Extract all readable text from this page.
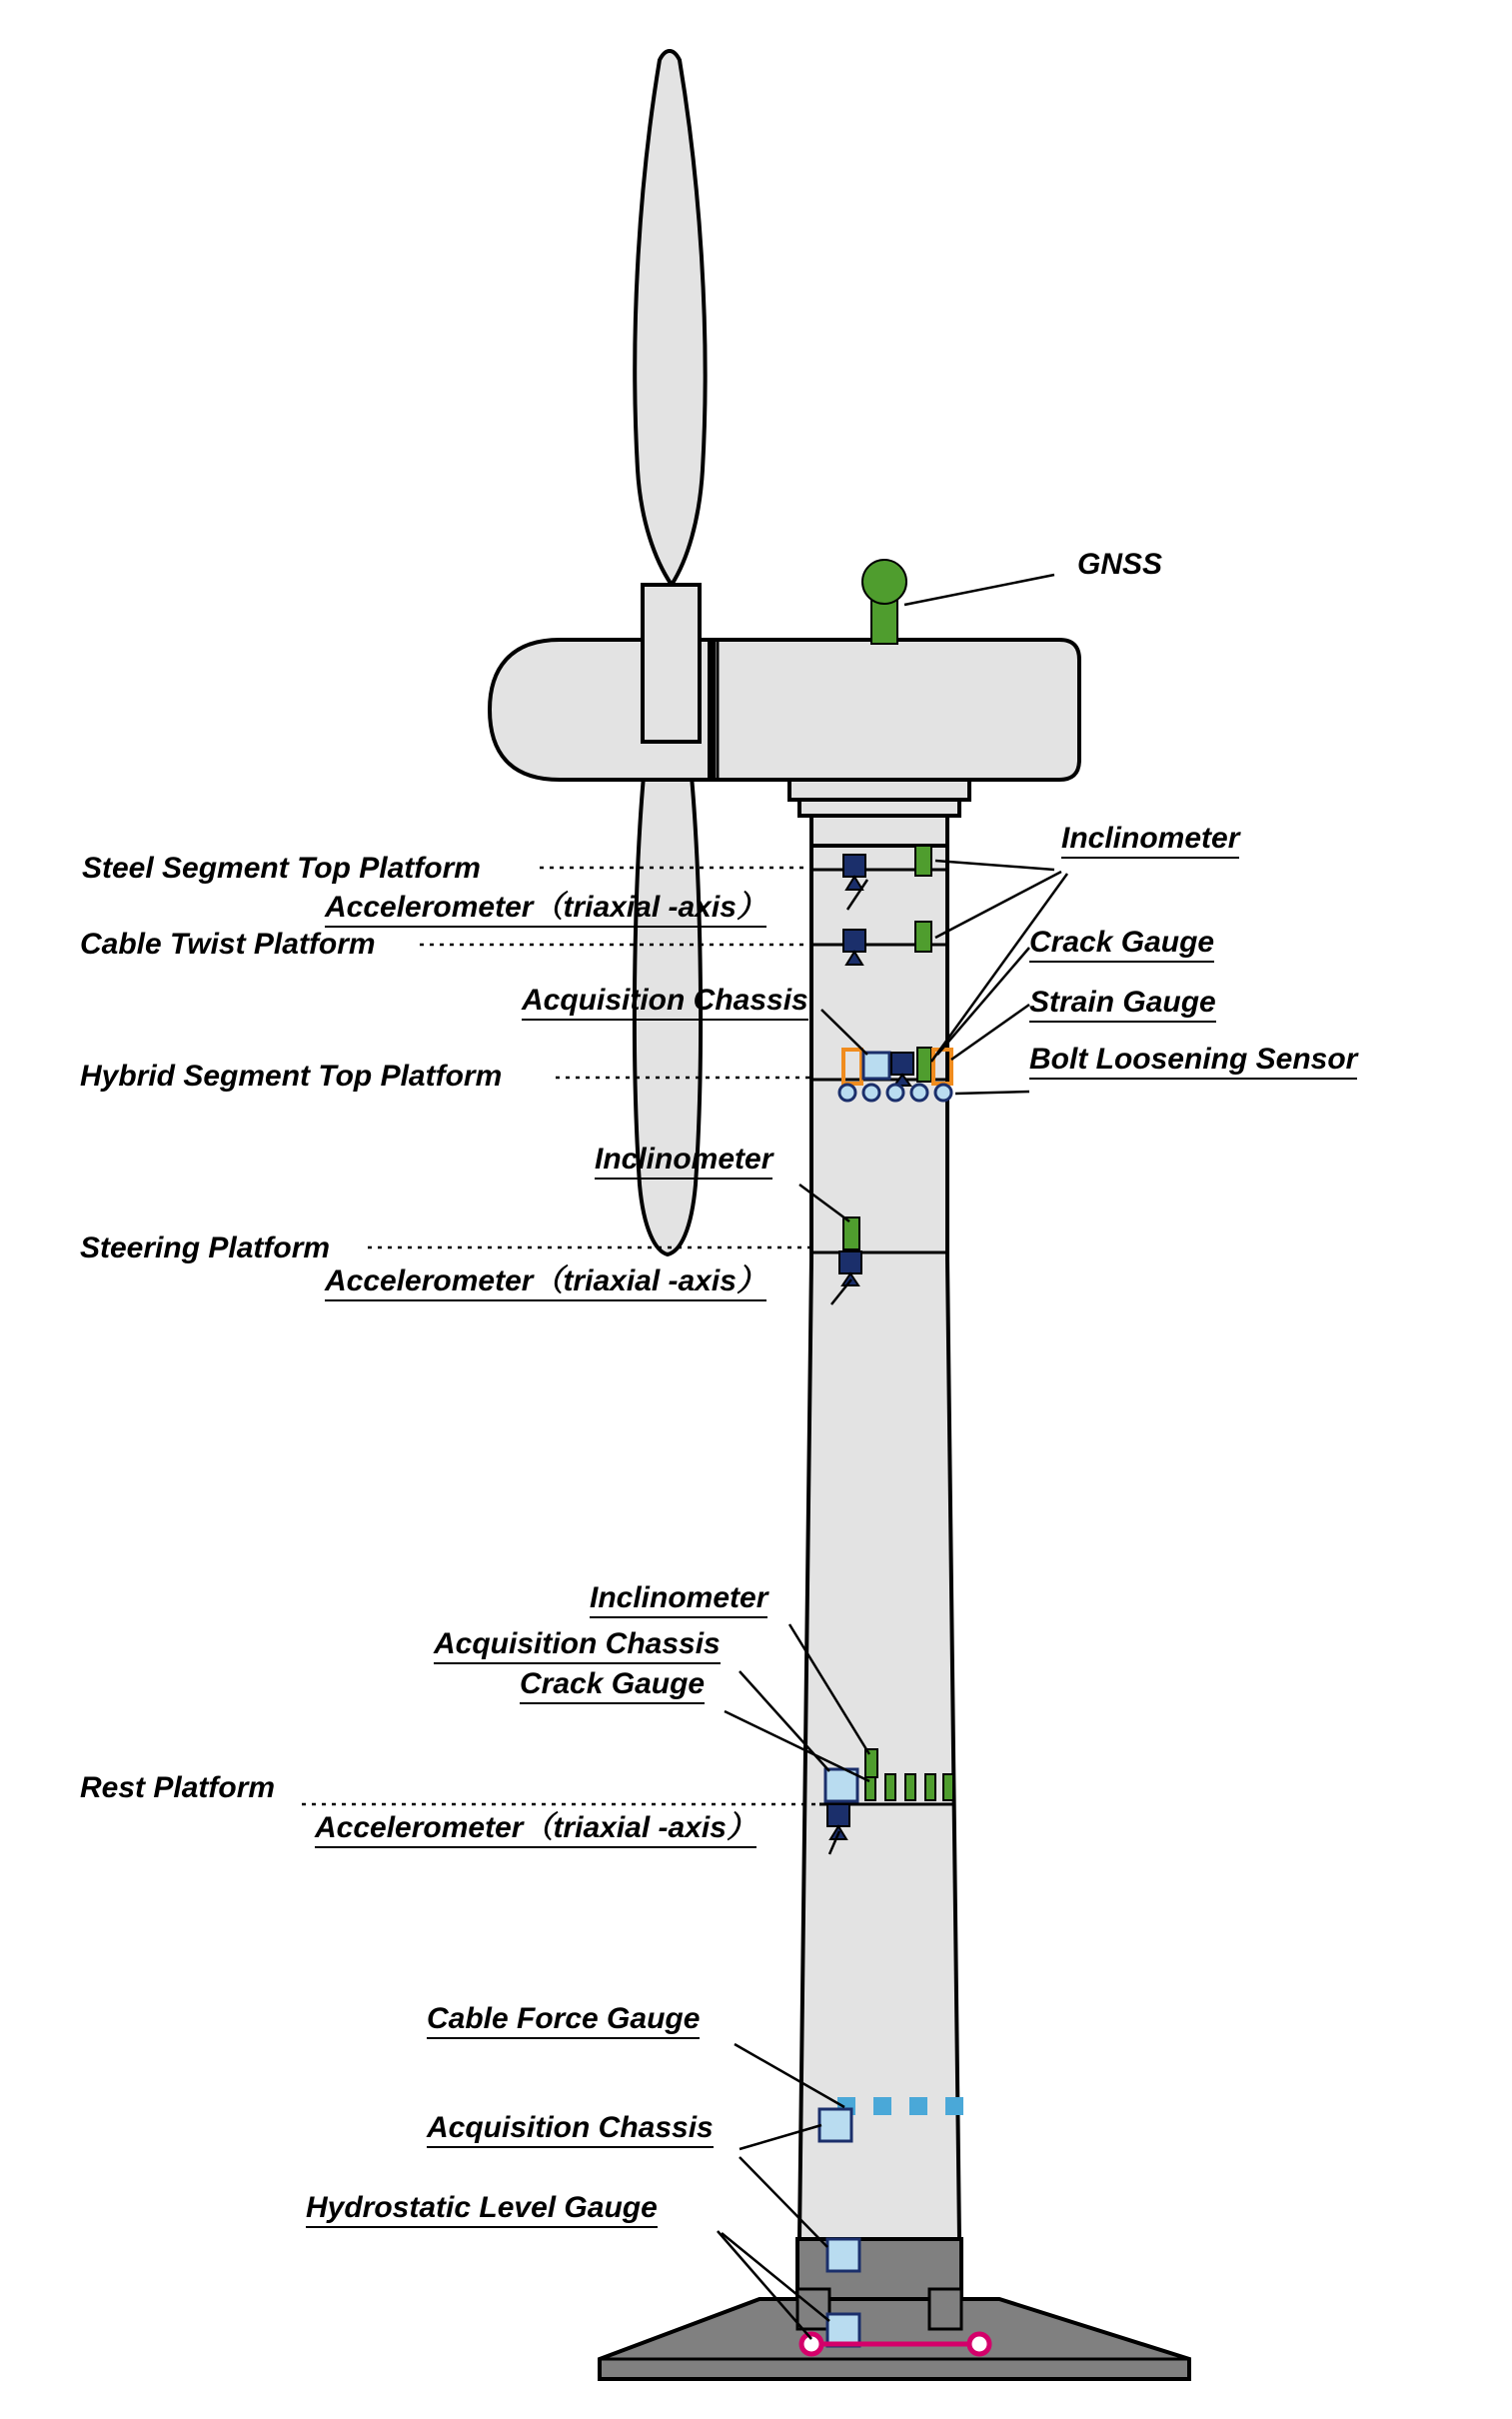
GNSS
Inclinometer
Crack Gauge
Strain Gauge
Bolt Loosening Sensor
Steel Segment Top Platform
Accelerometer（triaxial -axis）
Cable Twist Platform
Acquisition Chassis
Hybrid Segment Top Platform
Inclinometer
Steering Platform
Accelerometer（triaxial -axis）
Inclinometer
Acquisition Chassis
Crack Gauge
Rest Platform
Accelerometer（triaxial -axis）
Cable Force Gauge
Acquisition Chassis
Hydrostatic Level Gauge
